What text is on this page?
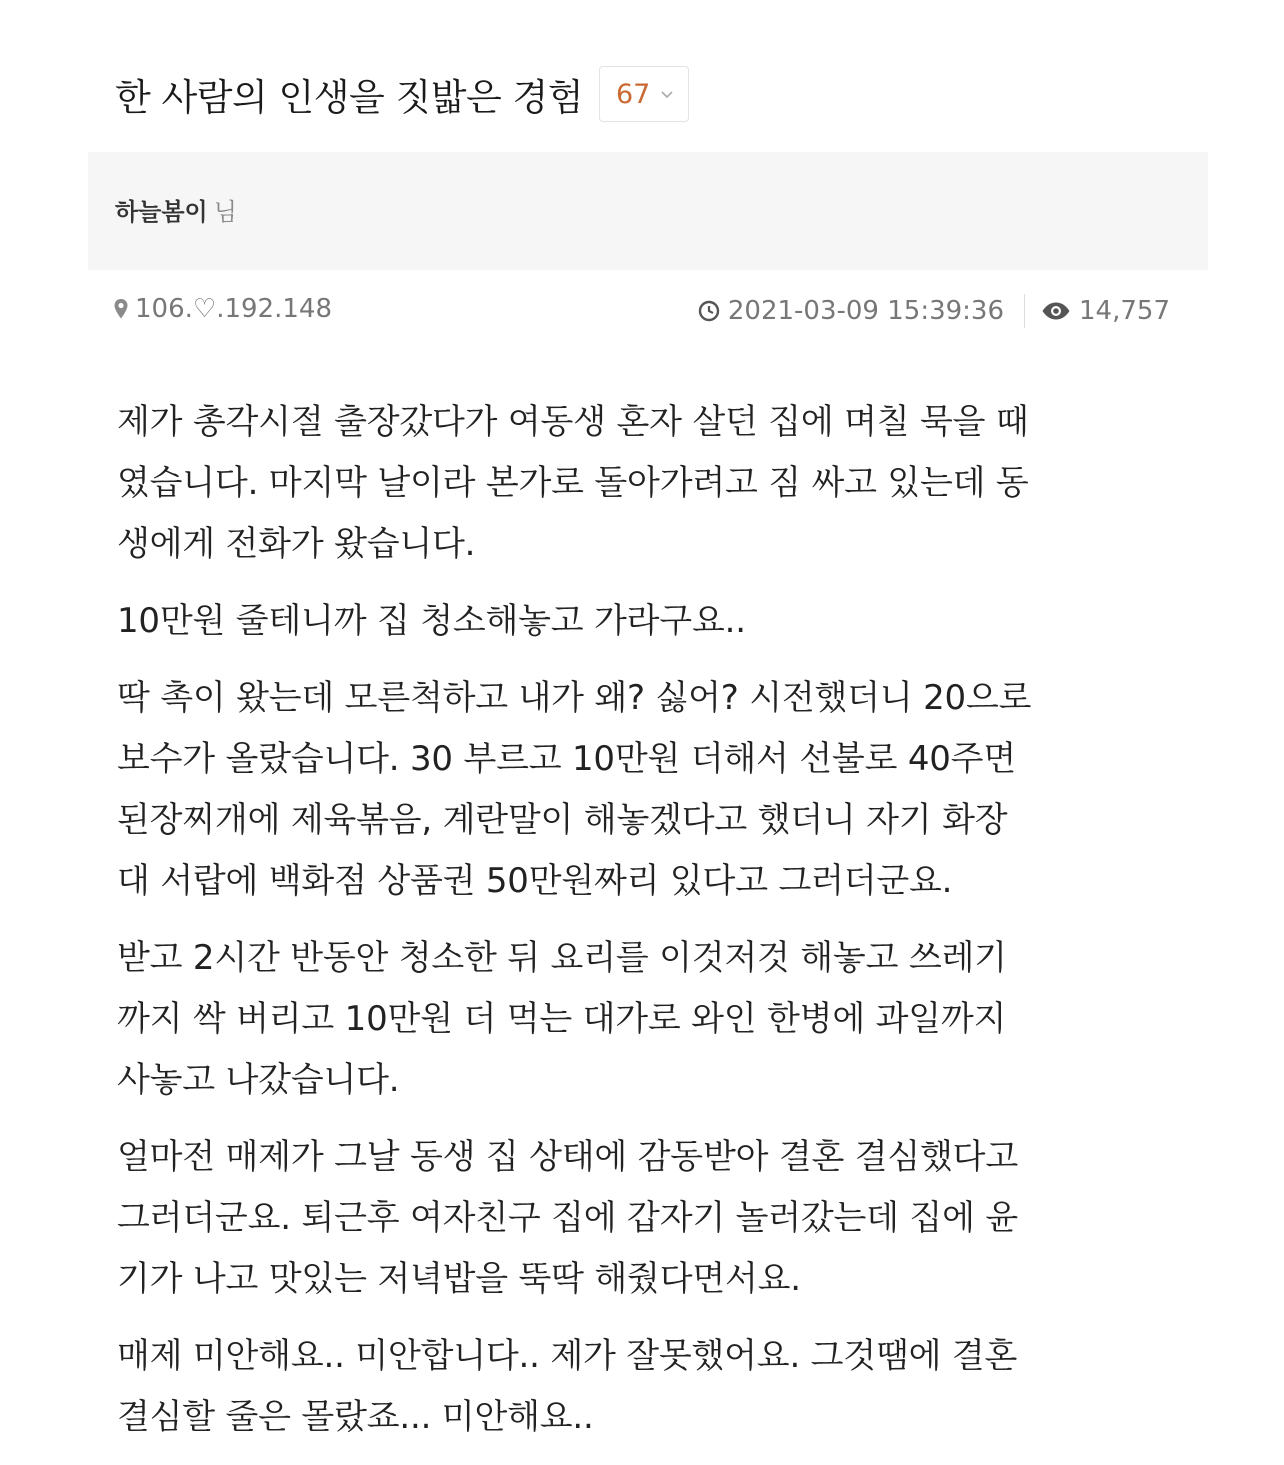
한 사람의 인생을 짓밟은 경험 67
하늘봄이 님
106.♡.192.148	2021-03-09 15:39:36	14,757

제가 총각시절 출장갔다가 여동생 혼자 살던 집에 며칠 묵을 때
였습니다. 마지막 날이라 본가로 돌아가려고 짐 싸고 있는데 동
생에게 전화가 왔습니다.

10만원 줄테니까 집 청소해놓고 가라구요..

딱 촉이 왔는데 모른척하고 내가 왜? 싫어? 시전했더니 20으로
보수가 올랐습니다. 30 부르고 10만원 더해서 선불로 40주면
된장찌개에 제육볶음, 계란말이 해놓겠다고 했더니 자기 화장
대 서랍에 백화점 상품권 50만원짜리 있다고 그러더군요.

받고 2시간 반동안 청소한 뒤 요리를 이것저것 해놓고 쓰레기
까지 싹 버리고 10만원 더 먹는 대가로 와인 한병에 과일까지
사놓고 나갔습니다.

얼마전 매제가 그날 동생 집 상태에 감동받아 결혼 결심했다고
그러더군요. 퇴근후 여자친구 집에 갑자기 놀러갔는데 집에 윤
기가 나고 맛있는 저녁밥을 뚝딱 해줬다면서요.

매제 미안해요.. 미안합니다.. 제가 잘못했어요. 그것땜에 결혼
결심할 줄은 몰랐죠... 미안해요..
